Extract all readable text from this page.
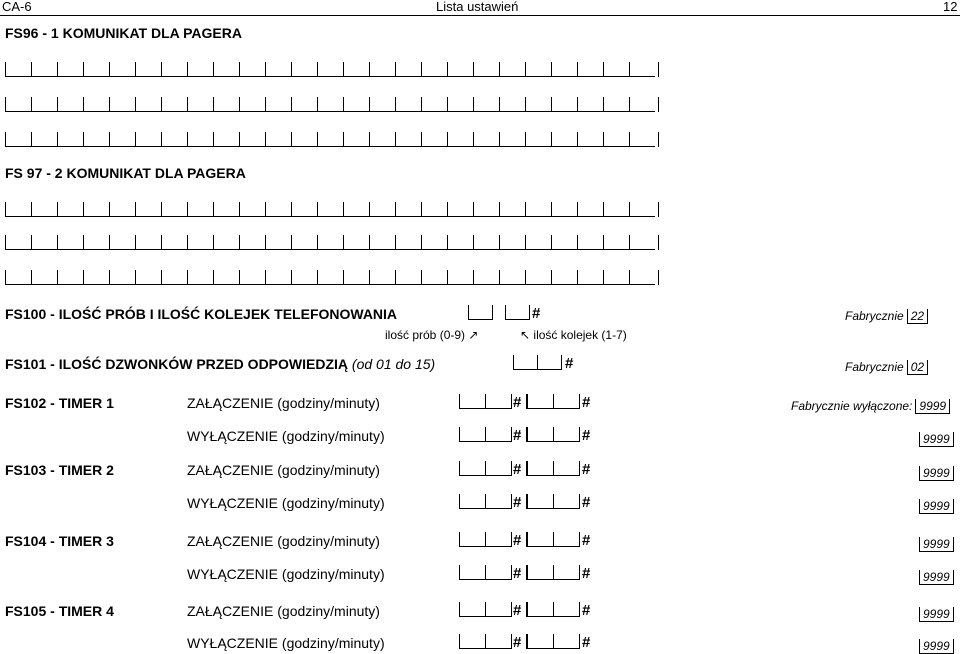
CA-6	Lista ustawień	12
FS96 - 1 KOMUNIKAT DLA PAGERA
FS 97 - 2 KOMUNIKAT DLA PAGERA
FS100 - ILOŚĆ PRÓB I ILOŚĆ KOLEJEK TELEFONOWANIA	#	Fabrycznie 22
ilość prób (0-9) ↗	↖ ilość kolejek (1-7)
FS101 - ILOŚĆ DZWONKÓW PRZED ODPOWIEDZIĄ (od 01 do 15)	#	Fabrycznie 02
FS102 - TIMER 1	ZAŁĄCZENIE (godziny/minuty)	#	#	Fabrycznie wyłączone: 9999
WYŁĄCZENIE (godziny/minuty)	#	#	9999
FS103 - TIMER 2	ZAŁĄCZENIE (godziny/minuty)	#	#	9999
WYŁĄCZENIE (godziny/minuty)	#	#	9999
FS104 - TIMER 3	ZAŁĄCZENIE (godziny/minuty)	#	#	9999
WYŁĄCZENIE (godziny/minuty)	#	#	9999
FS105 - TIMER 4	ZAŁĄCZENIE (godziny/minuty)	#	#	9999
WYŁĄCZENIE (godziny/minuty)	#	#	9999
